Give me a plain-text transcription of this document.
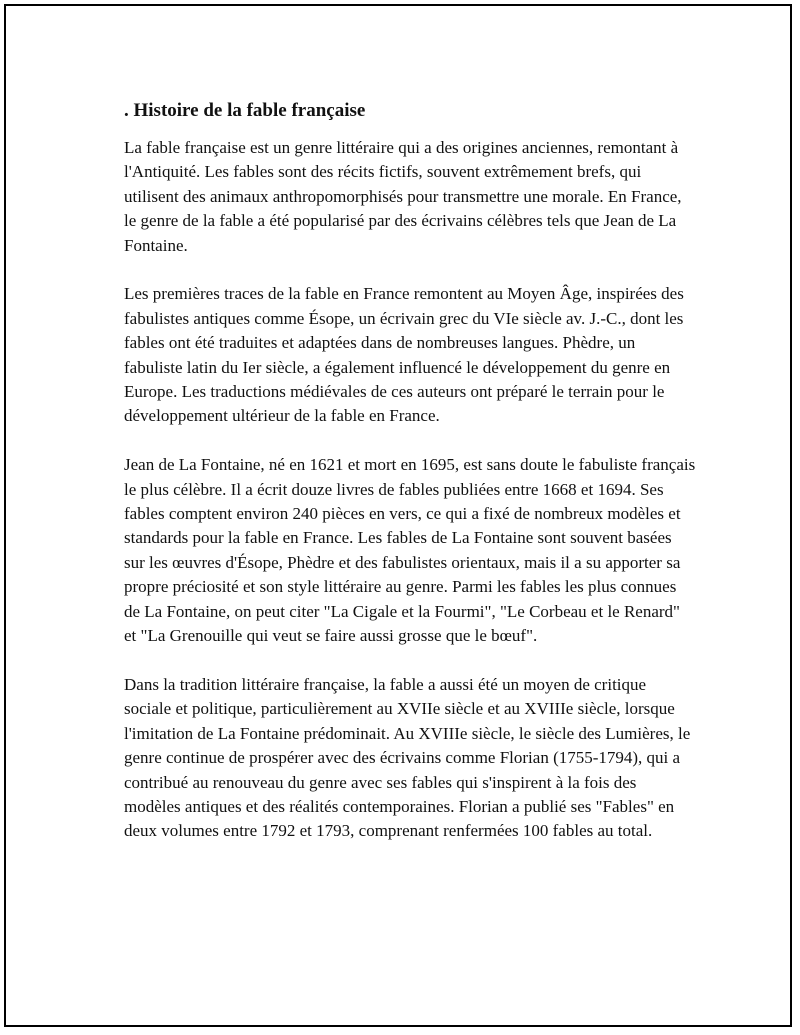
. Histoire de la fable française

La fable française est un genre littéraire qui a des origines anciennes, remontant à l'Antiquité. Les fables sont des récits fictifs, souvent extrêmement brefs, qui utilisent des animaux anthropomorphisés pour transmettre une morale. En France, le genre de la fable a été popularisé par des écrivains célèbres tels que Jean de La Fontaine.

Les premières traces de la fable en France remontent au Moyen Âge, inspirées des fabulistes antiques comme Ésope, un écrivain grec du VIe siècle av. J.-C., dont les fables ont été traduites et adaptées dans de nombreuses langues. Phèdre, un fabuliste latin du Ier siècle, a également influencé le développement du genre en Europe. Les traductions médiévales de ces auteurs ont préparé le terrain pour le développement ultérieur de la fable en France.

Jean de La Fontaine, né en 1621 et mort en 1695, est sans doute le fabuliste français le plus célèbre. Il a écrit douze livres de fables publiées entre 1668 et 1694. Ses fables comptent environ 240 pièces en vers, ce qui a fixé de nombreux modèles et standards pour la fable en France. Les fables de La Fontaine sont souvent basées sur les œuvres d'Ésope, Phèdre et des fabulistes orientaux, mais il a su apporter sa propre préciosité et son style littéraire au genre. Parmi les fables les plus connues de La Fontaine, on peut citer "La Cigale et la Fourmi", "Le Corbeau et le Renard" et "La Grenouille qui veut se faire aussi grosse que le bœuf".

Dans la tradition littéraire française, la fable a aussi été un moyen de critique sociale et politique, particulièrement au XVIIe siècle et au XVIIIe siècle, lorsque l'imitation de La Fontaine prédominait. Au XVIIIe siècle, le siècle des Lumières, le genre continue de prospérer avec des écrivains comme Florian (1755-1794), qui a contribué au renouveau du genre avec ses fables qui s'inspirent à la fois des modèles antiques et des réalités contemporaines. Florian a publié ses "Fables" en deux volumes entre 1792 et 1793, comprenant renfermées 100 fables au total.
